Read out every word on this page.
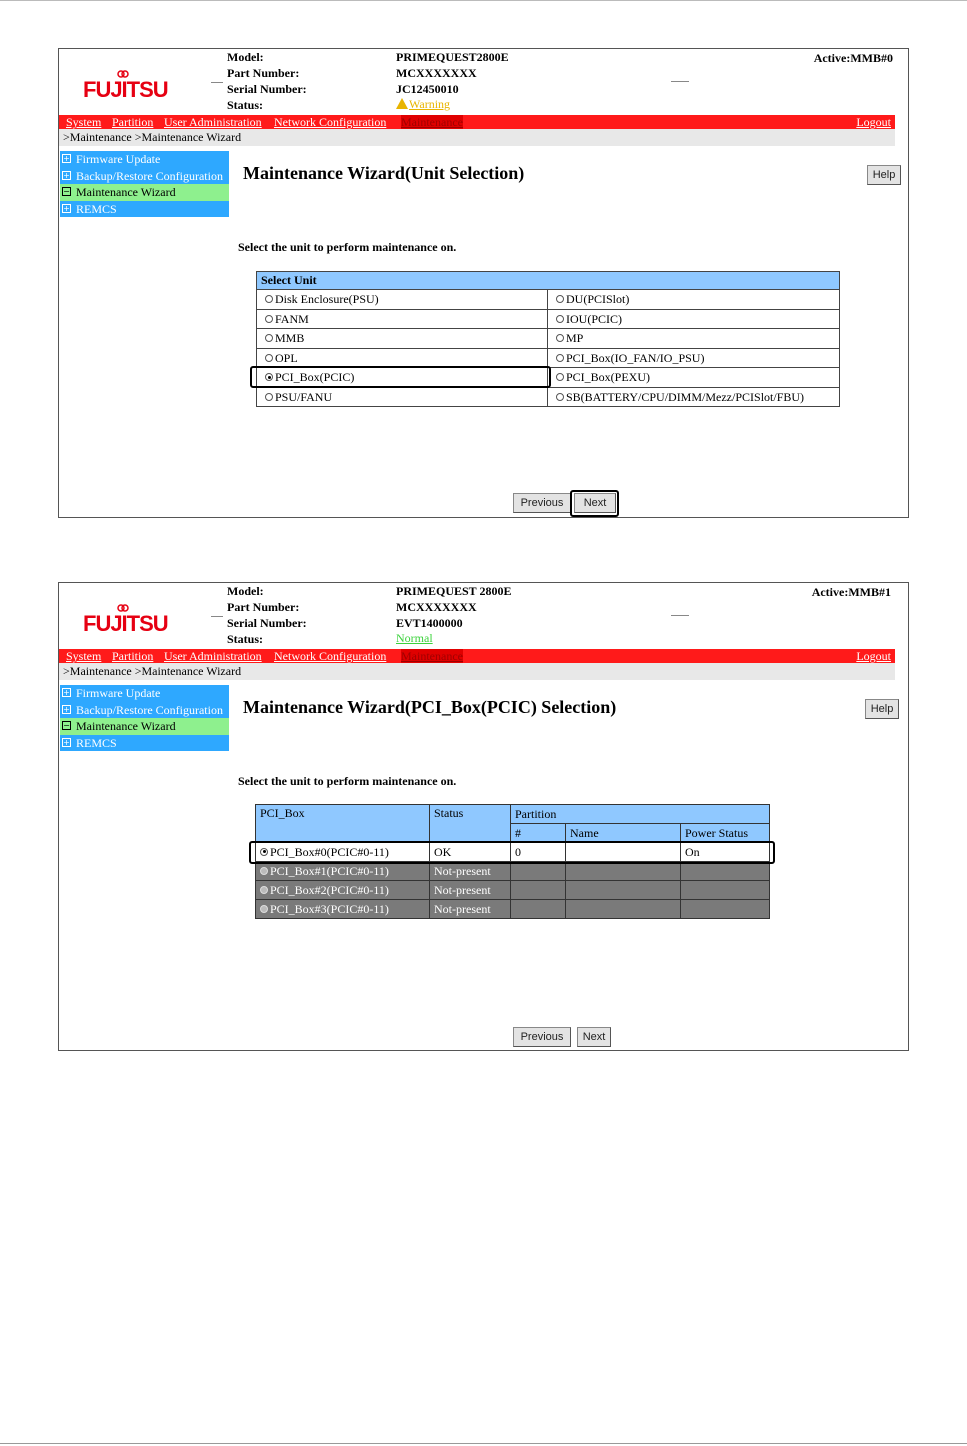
FUJITSU
Model:	PRIMEQUEST2800E
Part Number:	MCXXXXXXX
Serial Number:	JC12450010
Status:	Warning
Active:MMB#0
System Partition User Administration Network Configuration Maintenance	Logout
>Maintenance >Maintenance Wizard
+ Firmware Update
+ Backup/Restore Configuration
− Maintenance Wizard
+ REMCS
Maintenance Wizard(Unit Selection)	Help
Select the unit to perform maintenance on.
Select Unit
Disk Enclosure(PSU)	DU(PCISlot)
FANM	IOU(PCIC)
MMB	MP
OPL	PCI_Box(IO_FAN/IO_PSU)
PCI_Box(PCIC)	PCI_Box(PEXU)
PSU/FANU	SB(BATTERY/CPU/DIMM/Mezz/PCISlot/FBU)
Previous	Next
FUJITSU
Model:	PRIMEQUEST 2800E
Part Number:	MCXXXXXXX
Serial Number:	EVT1400000
Status:	Normal
Active:MMB#1
System Partition User Administration Network Configuration Maintenance	Logout
>Maintenance >Maintenance Wizard
+ Firmware Update
+ Backup/Restore Configuration
− Maintenance Wizard
+ REMCS
Maintenance Wizard(PCI_Box(PCIC) Selection)	Help
Select the unit to perform maintenance on.
PCI_Box	Status	Partition		
		#	Name	Power Status
PCI_Box#0(PCIC#0-11)	OK	0		On
PCI_Box#1(PCIC#0-11)	Not-present			
PCI_Box#2(PCIC#0-11)	Not-present			
PCI_Box#3(PCIC#0-11)	Not-present			
Previous	Next
